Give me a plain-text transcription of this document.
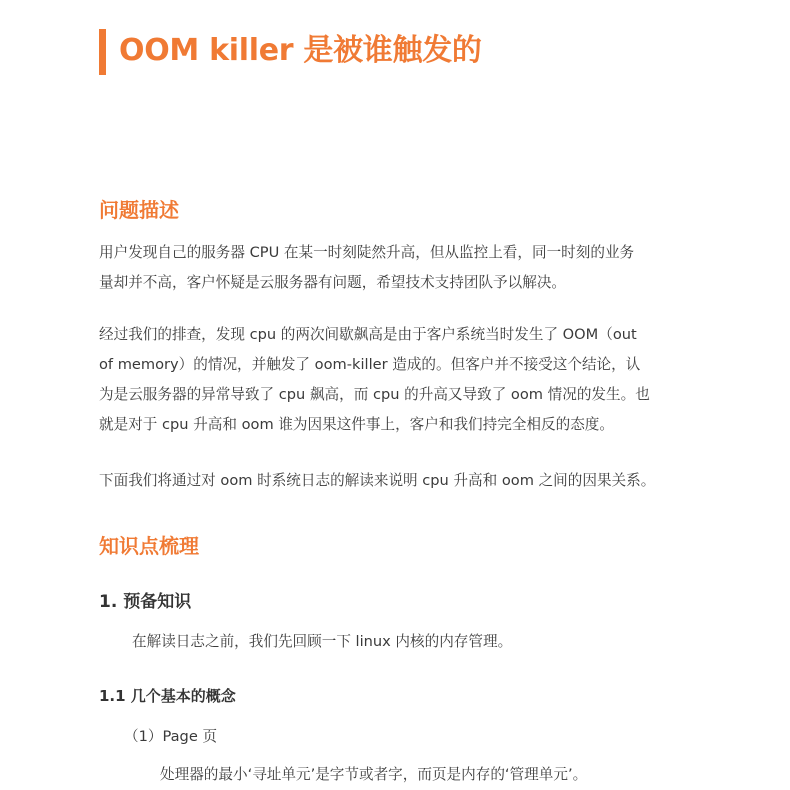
OOM killer 是被谁触发的
问题描述
用户发现自己的服务器 CPU 在某一时刻陡然升高，但从监控上看，同一时刻的业务
量却并不高，客户怀疑是云服务器有问题，希望技术支持团队予以解决。
经过我们的排查，发现 cpu 的两次间歇飙高是由于客户系统当时发生了 OOM（out
of memory）的情况，并触发了 oom-killer 造成的。但客户并不接受这个结论，认
为是云服务器的异常导致了 cpu 飙高，而 cpu 的升高又导致了 oom 情况的发生。也
就是对于 cpu 升高和 oom 谁为因果这件事上，客户和我们持完全相反的态度。
下面我们将通过对 oom 时系统日志的解读来说明 cpu 升高和 oom 之间的因果关系。
知识点梳理
1. 预备知识
在解读日志之前，我们先回顾一下 linux 内核的内存管理。
1.1 几个基本的概念
（1）Page 页
处理器的最小‘寻址单元’是字节或者字，而页是内存的‘管理单元’。
